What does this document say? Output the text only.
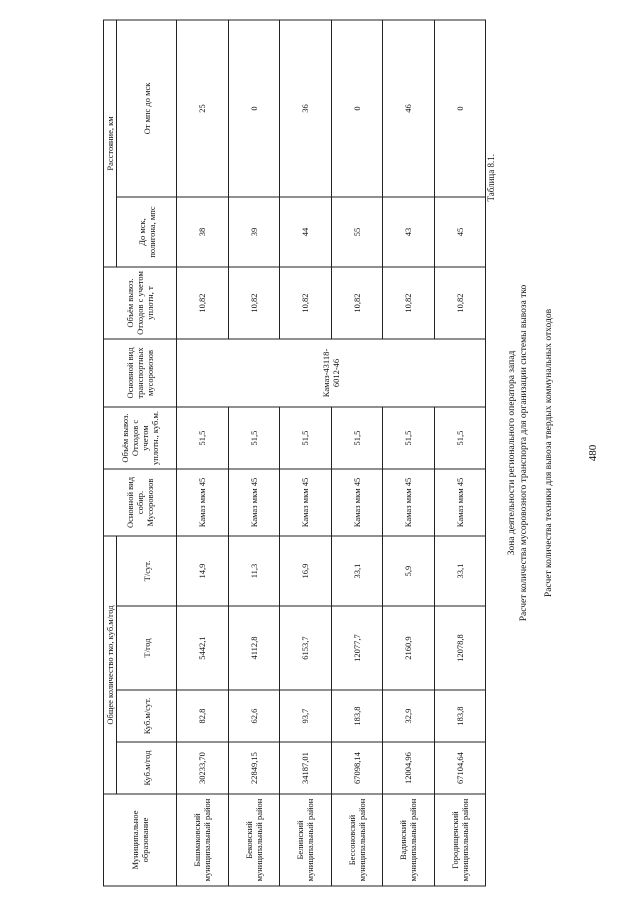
480
Расчет количества техники для вывоза твердых коммунальных отходов
Расчет количества мусоровозного транспорта для организации системы вывоза тко
Зона деятельности регионального оператора запад
Таблица 8.1.
Муниципальное образование	Общее количество тко, куб.м/год				Основной вид собир. Мусоровозов	Объём вывоз. Отходов с учетом уплотн., куб.м.	Основной вид транспортных мусоровозов	Объём вывоз. Отходов с учетом уплотн, т	Расстояние, км	
	Куб.м/год	Куб.м/сут.	Т/год	Т/сут.					До мск, полигона, мпс	От мпс до мск
Башмаковский муниципальный район	30233,70	82,8	5442,1	14,9	Камаз мкм 45	51,5	Камаз-43118-6012-46	10,82	38	25
Бековский муниципальный район	22849,15	62,6	4112,8	11,3	Камаз мкм 45	51,5		10,82	39	0
Белинский муниципальный район	34187,01	93,7	6153,7	16,9	Камаз мкм 45	51,5		10,82	44	36
Бессоновский муниципальный район	67098,14	183,8	12077,7	33,1	Камаз мкм 45	51,5		10,82	55	0
Вадинский муниципальный район	12004,96	32,9	2160,9	5,9	Камаз мкм 45	51,5		10,82	43	46
Городищенский муниципальный район	67104,64	183,8	12078,8	33,1	Камаз мкм 45	51,5		10,82	45	0
